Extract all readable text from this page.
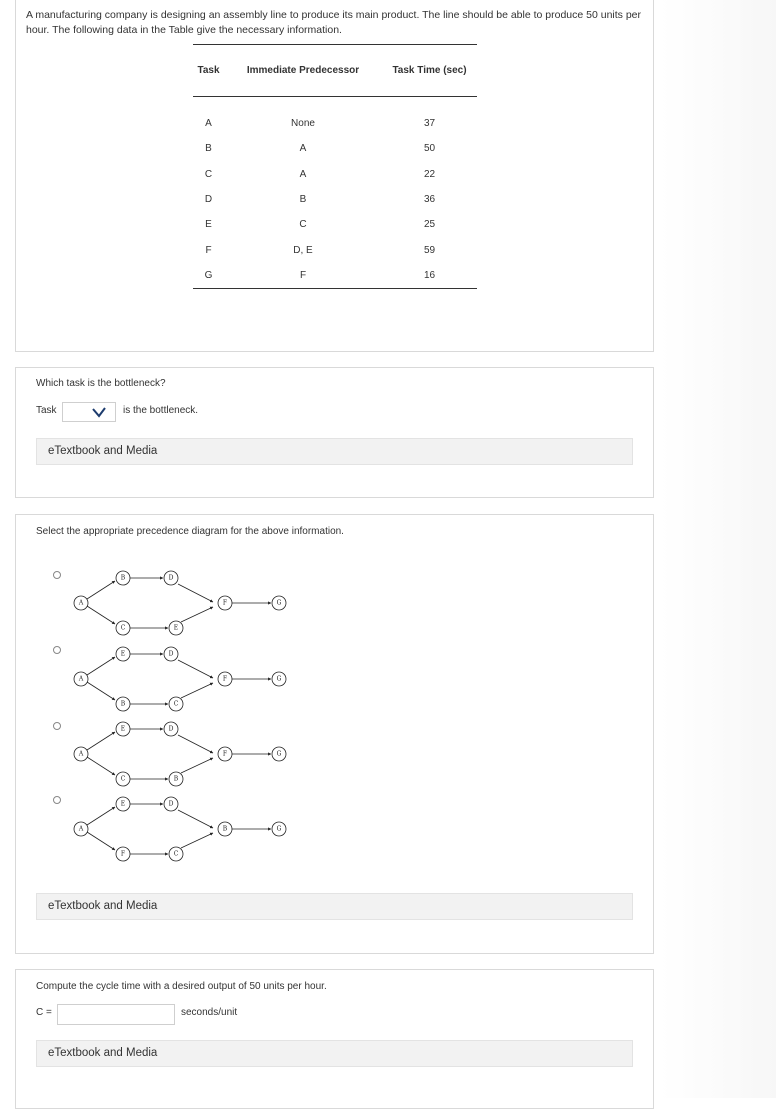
A manufacturing company is designing an assembly line to produce its main product. The line should be able to produce 50 units per hour. The following data in the Table give the necessary information.
Task	Immediate Predecessor	Task Time (sec)
A	None	37
B	A	50
C	A	22
D	B	36
E	C	25
F	D, E	59
G	F	16
Which task is the bottleneck?
Task	is the bottleneck.
eTextbook and Media
Select the appropriate precedence diagram for the above information.
A
B	D
C	E
F	G
A
E	D
B	C
F	G
A
E	D
C	B
F	G
A
E	D
F	C
B	G
eTextbook and Media
Compute the cycle time with a desired output of 50 units per hour.
C =	seconds/unit
eTextbook and Media
